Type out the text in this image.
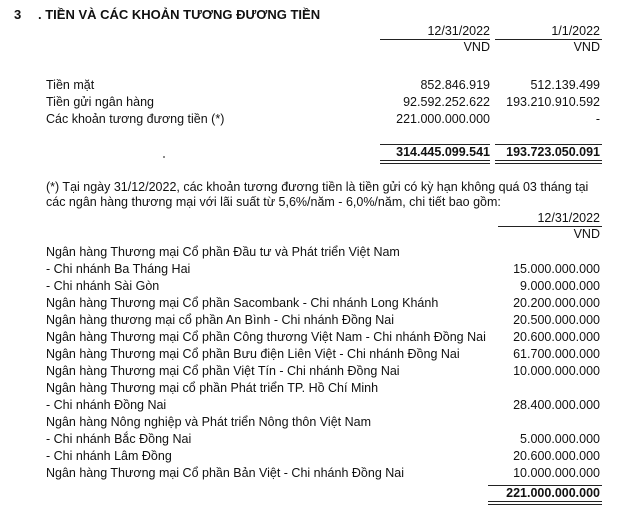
3 . TIỀN VÀ CÁC KHOẢN TƯƠNG ĐƯƠNG TIỀN
12/31/2022	1/1/2022
VND	VND
Tiền mặt	852.846.919	512.139.499
Tiền gửi ngân hàng	92.592.252.622	193.210.910.592
Các khoản tương đương tiền (*)	221.000.000.000	-
314.445.099.541	193.723.050.091
(*) Tại ngày 31/12/2022, các khoản tương đương tiền là tiền gửi có kỳ hạn không quá 03 tháng tại
các ngân hàng thương mại với lãi suất từ 5,6%/năm - 6,0%/năm, chi tiết bao gồm:
12/31/2022
VND
Ngân hàng Thương mại Cổ phần Đầu tư và Phát triển Việt Nam
- Chi nhánh Ba Tháng Hai	15.000.000.000
- Chi nhánh Sài Gòn	9.000.000.000
Ngân hàng Thương mại Cổ phần Sacombank - Chi nhánh Long Khánh	20.200.000.000
Ngân hàng thương mại cổ phần An Bình - Chi nhánh Đồng Nai	20.500.000.000
Ngân hàng Thương mại Cổ phần Công thương Việt Nam - Chi nhánh Đồng Nai	20.600.000.000
Ngân hàng Thương mại Cổ phần Bưu điện Liên Việt - Chi nhánh Đồng Nai	61.700.000.000
Ngân hàng Thương mại Cổ phần Việt Tín - Chi nhánh Đồng Nai	10.000.000.000
Ngân hàng Thương mại cổ phần Phát triển TP. Hồ Chí Minh
- Chi nhánh Đồng Nai	28.400.000.000
Ngân hàng Nông nghiệp và Phát triển Nông thôn Việt Nam
- Chi nhánh Bắc Đồng Nai	5.000.000.000
- Chi nhánh Lâm Đồng	20.600.000.000
Ngân hàng Thương mại Cổ phần Bản Việt - Chi nhánh Đồng Nai	10.000.000.000
221.000.000.000
